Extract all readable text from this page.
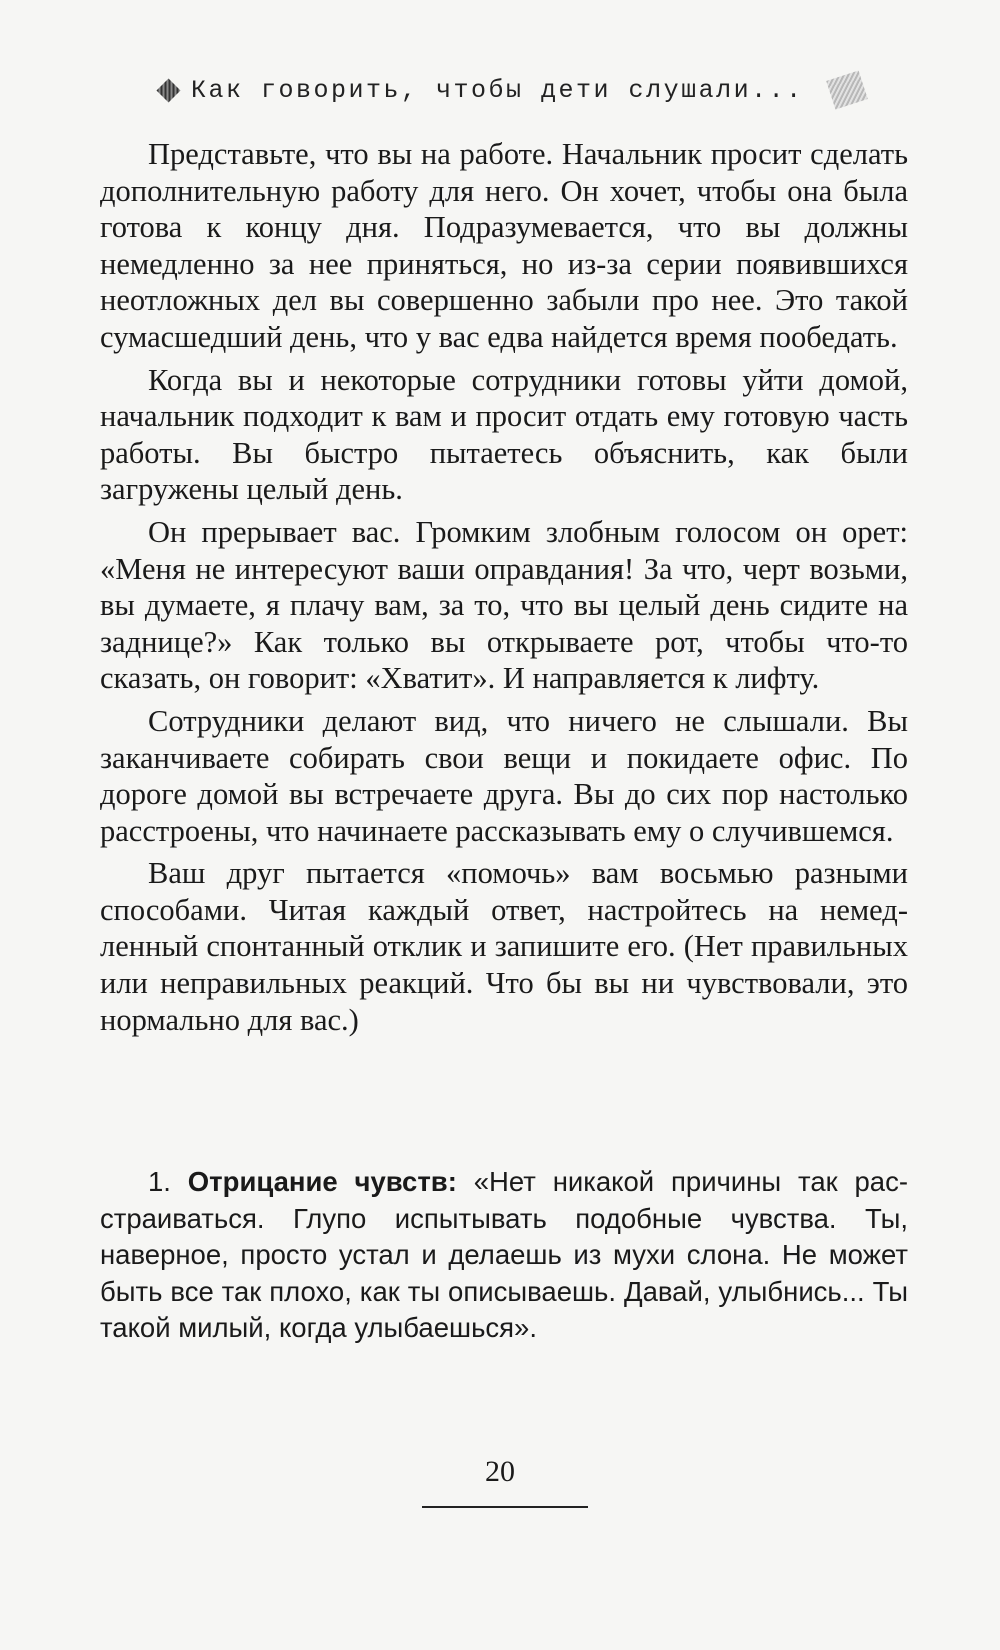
Как говорить, чтобы дети слушали...

Представьте, что вы на работе. Начальник просит сделать дополнительную работу для него. Он хочет, чтобы она была готова к концу дня. Подразумевается, что вы должны немедленно за нее приняться, но из-за серии появившихся неотложных дел вы совершенно забыли про нее. Это такой сумасшедший день, что у вас едва найдется время пообедать.

Когда вы и некоторые сотрудники готовы уйти домой, начальник подходит к вам и просит отдать ему готовую часть работы. Вы быстро пытаетесь объяснить, как были загружены целый день.

Он прерывает вас. Громким злобным голосом он орет: «Меня не интересуют ваши оправдания! За что, черт возьми, вы думаете, я плачу вам, за то, что вы целый день сидите на заднице?» Как только вы открываете рот, чтобы что-то сказать, он говорит: «Хватит». И направляется к лифту.

Сотрудники делают вид, что ничего не слышали. Вы заканчиваете собирать свои вещи и покидаете офис. По дороге домой вы встречаете друга. Вы до сих пор настолько расстроены, что начинаете рассказывать ему о случившемся.

Ваш друг пытается «помочь» вам восьмью разными способами. Читая каждый ответ, настройтесь на немедленный спонтанный отклик и запишите его. (Нет правильных или неправильных реакций. Что бы вы ни чувствовали, это нормально для вас.)

1. Отрицание чувств: «Нет никакой причины так расстраиваться. Глупо испытывать подобные чувства. Ты, наверное, просто устал и делаешь из мухи слона. Не может быть все так плохо, как ты описываешь. Давай, улыбнись... Ты такой милый, когда улыбаешься».

20
